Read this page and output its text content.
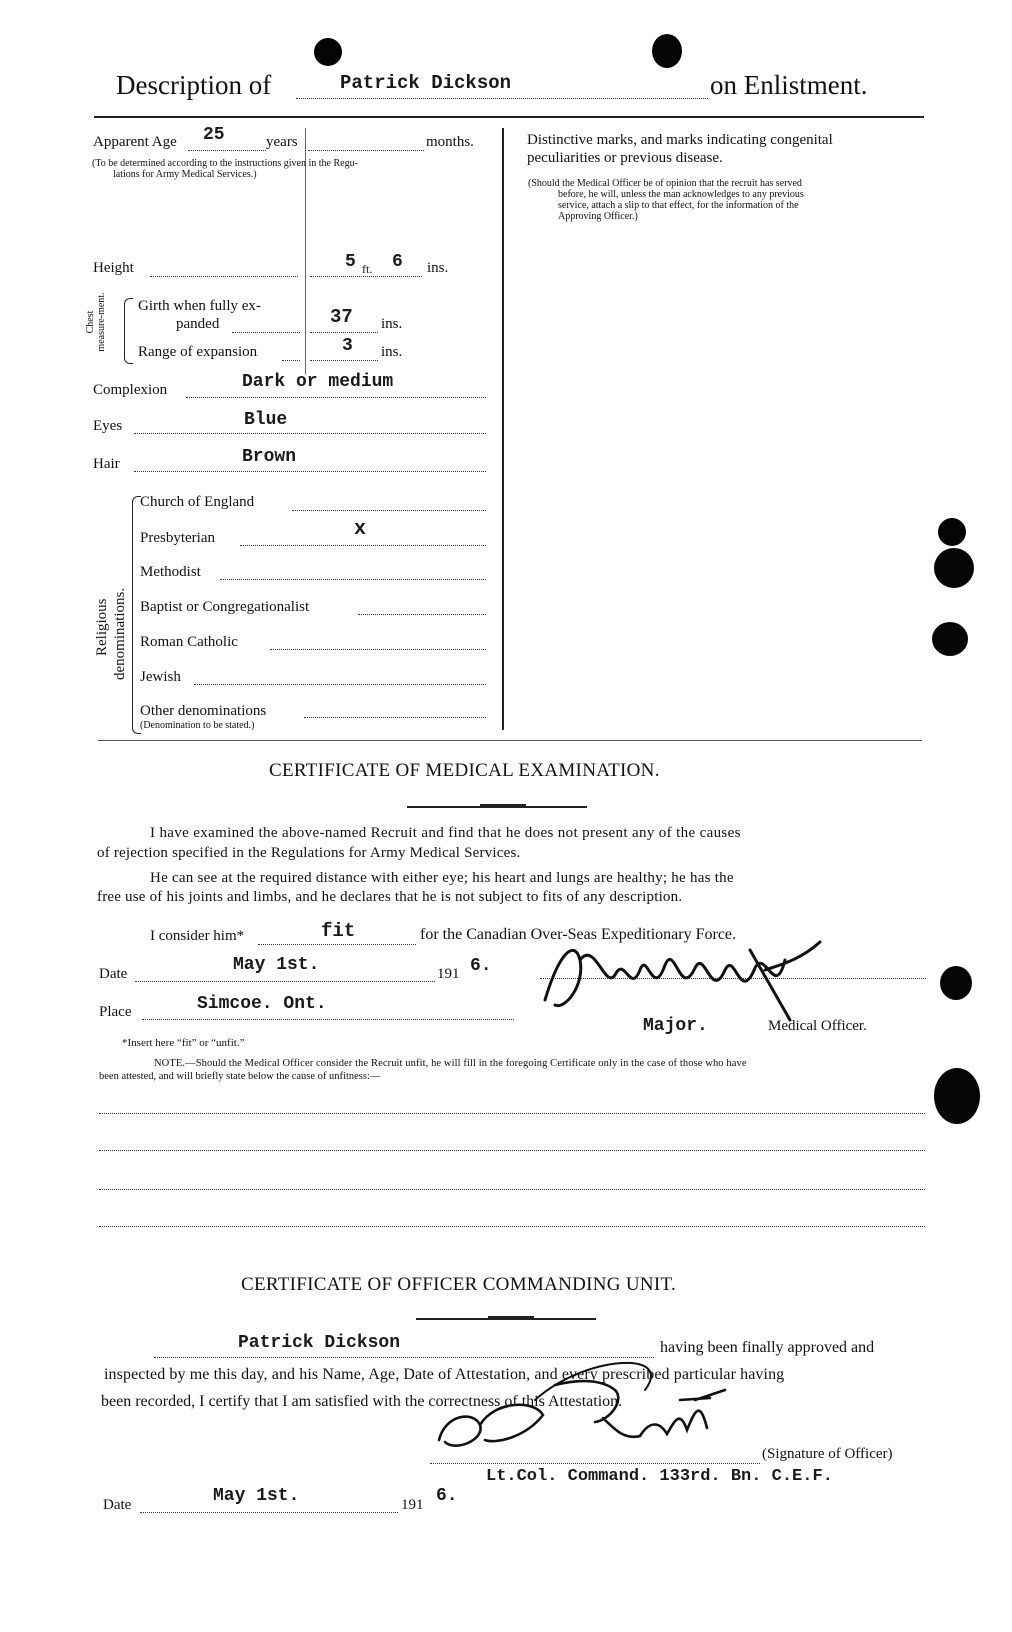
Description of	Patrick Dickson	on Enlistment.
Apparent Age 25	years	months.
(To be determined according to the instructions given in the Regu-
lations for Army Medical Services.)
Height	5 ft. 6 ins.
Chest measure-ment. Girth when fully ex-
panded	37 ins.
Range of expansion	3 ins.
Complexion	Dark or medium
Eyes	Blue
Hair	Brown
Religious denominations.
Church of England
Presbyterian	x
Methodist
Baptist or Congregationalist
Roman Catholic
Jewish
Other denominations
(Denomination to be stated.)
Distinctive marks, and marks indicating congenital
peculiarities or previous disease.
(Should the Medical Officer be of opinion that the recruit has served
before, he will, unless the man acknowledges to any previous
service, attach a slip to that effect, for the information of the
Approving Officer.)
CERTIFICATE OF MEDICAL EXAMINATION.
I have examined the above-named Recruit and find that he does not present any of the causes
of rejection specified in the Regulations for Army Medical Services.
He can see at the required distance with either eye; his heart and lungs are healthy; he has the
free use of his joints and limbs, and he declares that he is not subject to fits of any description.
I consider him*	fit	for the Canadian Over-Seas Expeditionary Force.
Date	May 1st.	191 6.
Place	Simcoe. Ont.
*Insert here “fit” or “unfit.”
Major.	Medical Officer.
NOTE.—Should the Medical Officer consider the Recruit unfit, he will fill in the foregoing Certificate only in the case of those who have
been attested, and will briefly state below the cause of unfitness:—
CERTIFICATE OF OFFICER COMMANDING UNIT.
Patrick Dickson	having been finally approved and
inspected by me this day, and his Name, Age, Date of Attestation, and every prescribed particular having
been recorded, I certify that I am satisfied with the correctness of this Attestation.
(Signature of Officer)
Lt.Col. Command. 133rd. Bn. C.E.F.
Date	May 1st.	191 6.
